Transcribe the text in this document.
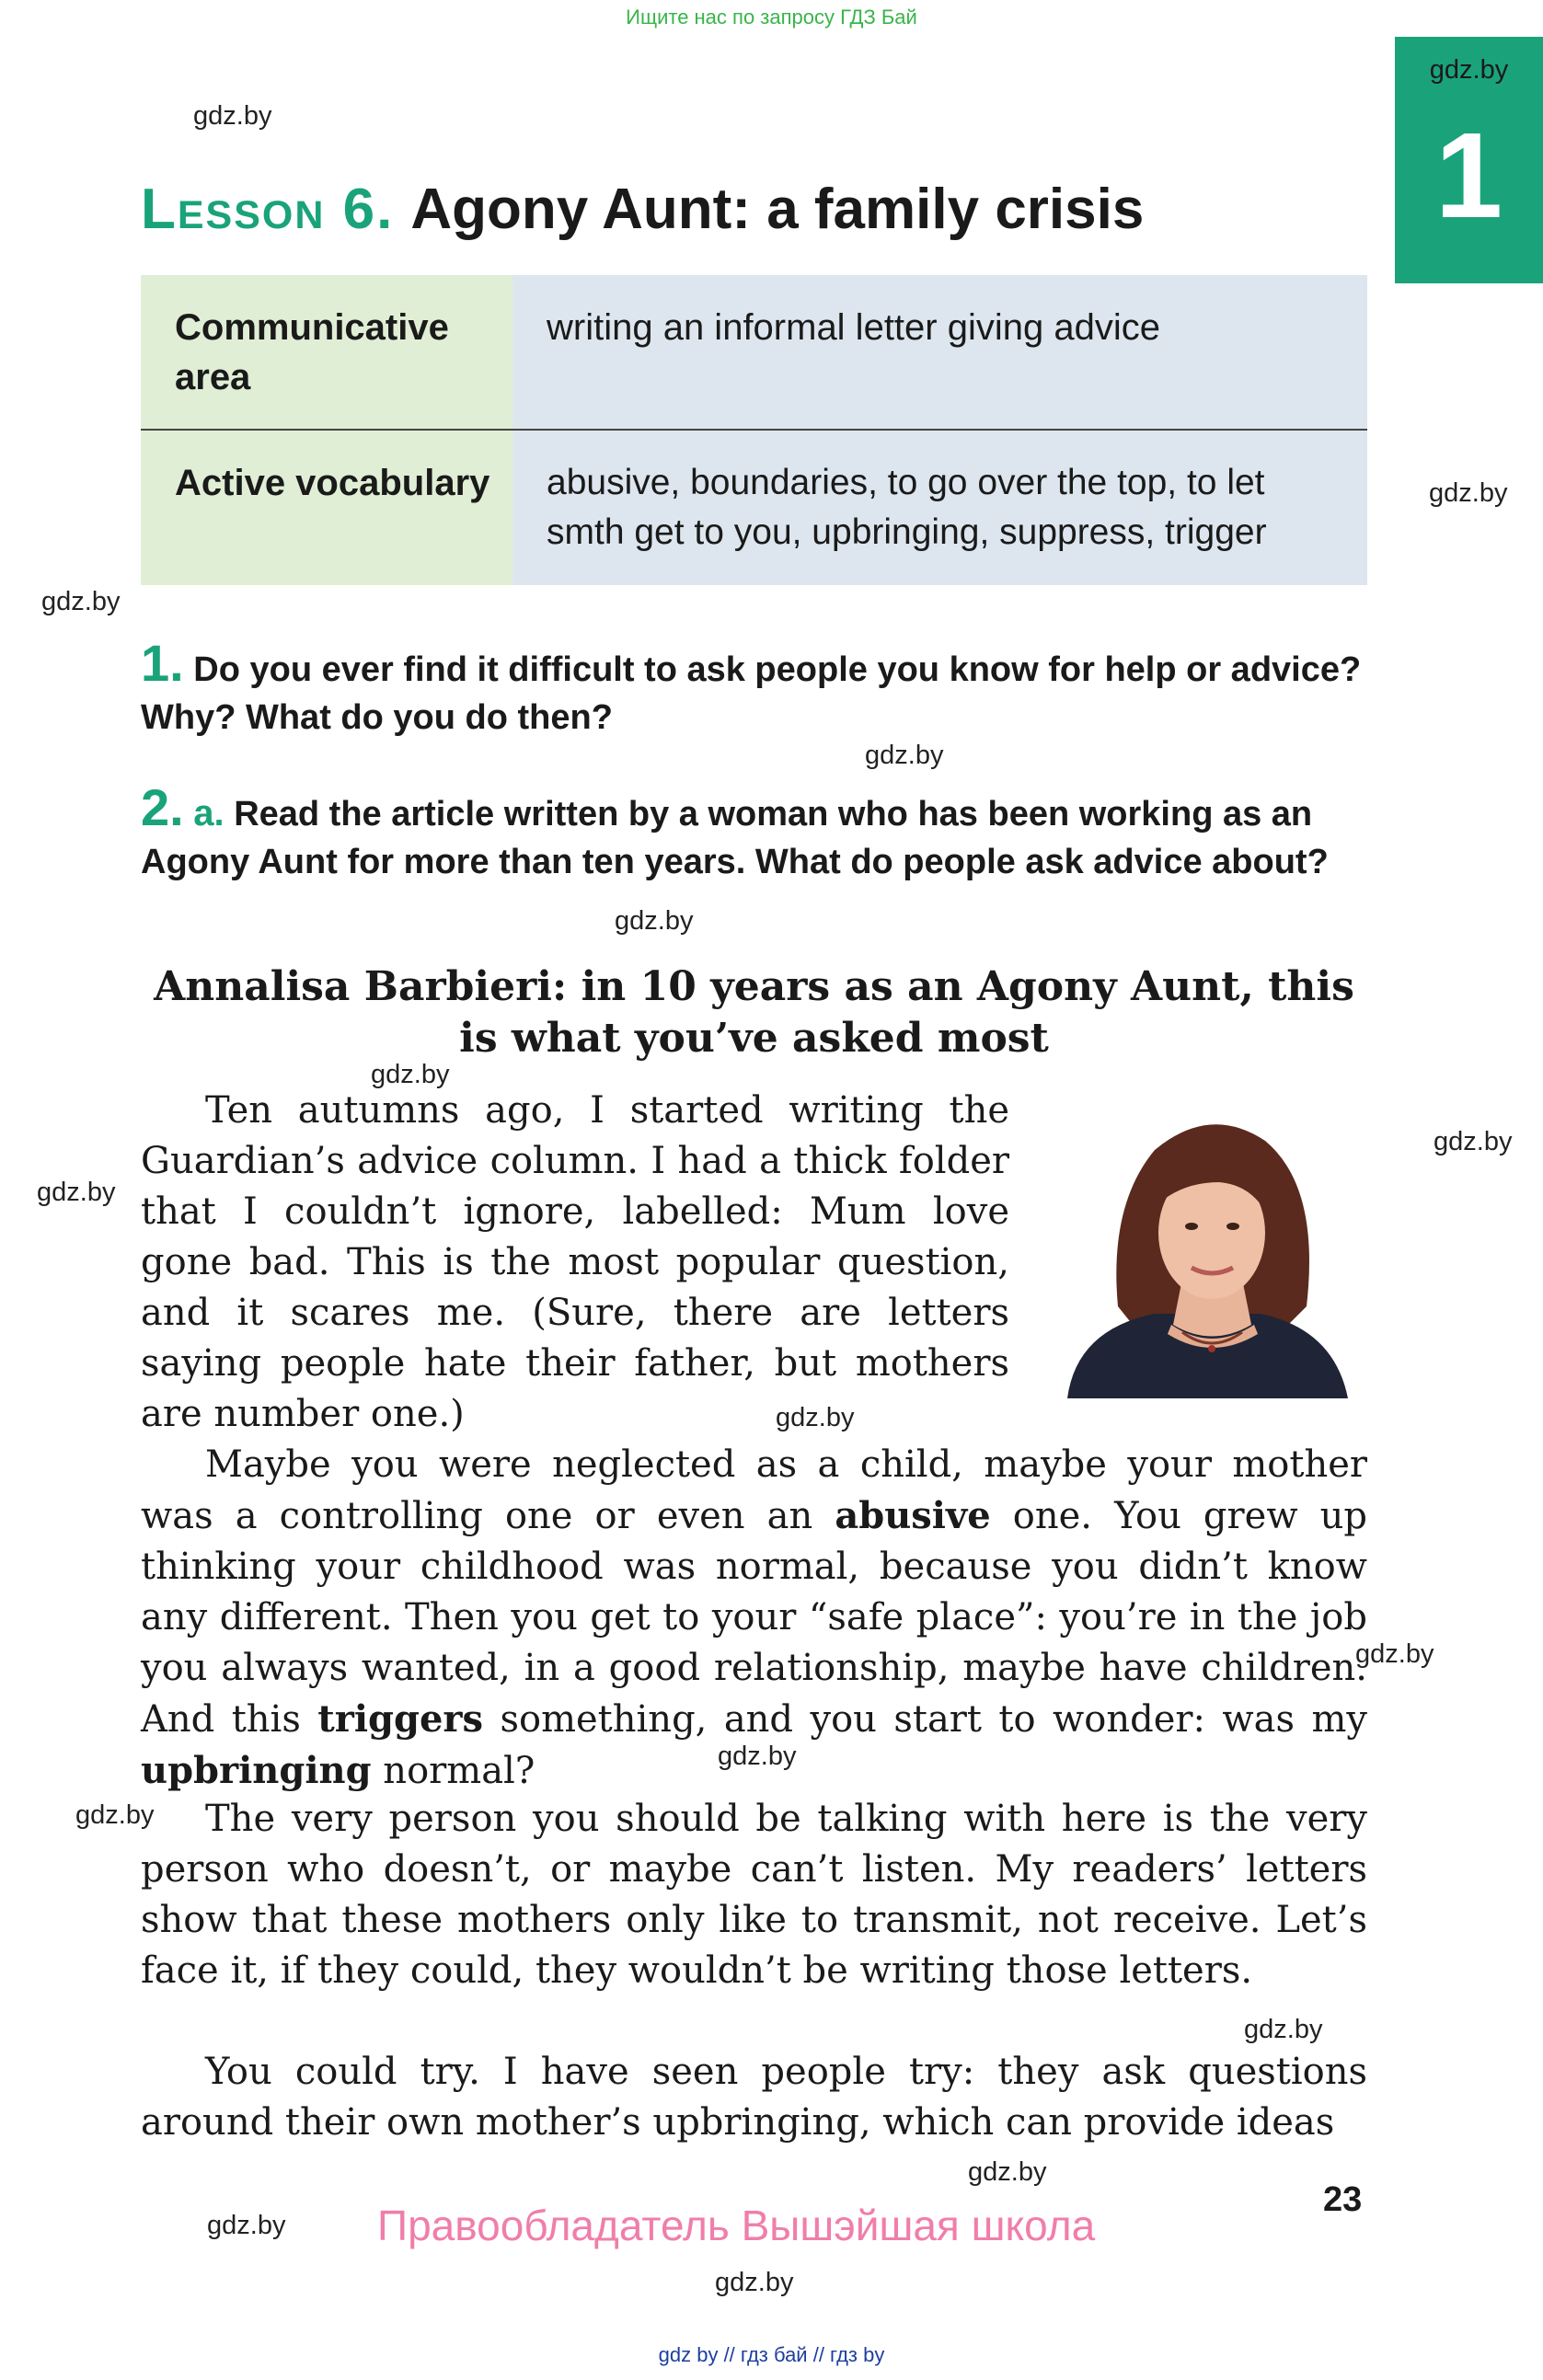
Ищите нас по запросу ГДЗ Бай
gdz.by
gdz.by
gdz.by
gdz.by
gdz.by
gdz.by
gdz.by
gdz.by
gdz.by
gdz.by
gdz.by
gdz.by
gdz.by
gdz.by
gdz.by
gdz.by
gdz.by
1
Lesson 6. Agony Aunt: a family crisis
Communicative area
writing an informal letter giving advice
Active vocabulary	abusive, boundaries, to go over the top, to let smth get to you, upbringing, suppress, trigger
1. Do you ever find it difficult to ask people you know for help or advice? Why? What do you do then?
2. a. Read the article written by a woman who has been working as an Agony Aunt for more than ten years. What do people ask advice about?
Annalisa Barbieri: in 10 years as an Agony Aunt, this is what you’ve asked most
Ten autumns ago, I started writing the Guardian’s advice column. I had a thick folder that I couldn’t ignore, labelled: Mum love gone bad. This is the most popular question, and it scares me. (Sure, there are letters saying people hate their father, but mothers are number one.)
Maybe you were neglected as a child, maybe your mother was a controlling one or even an abusive one. You grew up thinking your childhood was normal, because you didn’t know any different. Then you get to your “safe place”: you’re in the job you always wanted, in a good relationship, maybe have children. And this triggers something, and you start to wonder: was my upbringing normal?
The very person you should be talking with here is the very person who doesn’t, or maybe can’t listen. My readers’ letters show that these mothers only like to transmit, not receive. Let’s face it, if they could, they wouldn’t be writing those letters.
You could try. I have seen people try: they ask questions around their own mother’s upbringing, which can provide ideas
23
Правообладатель Вышэйшая школа
gdz by // гдз бай // гдз by
